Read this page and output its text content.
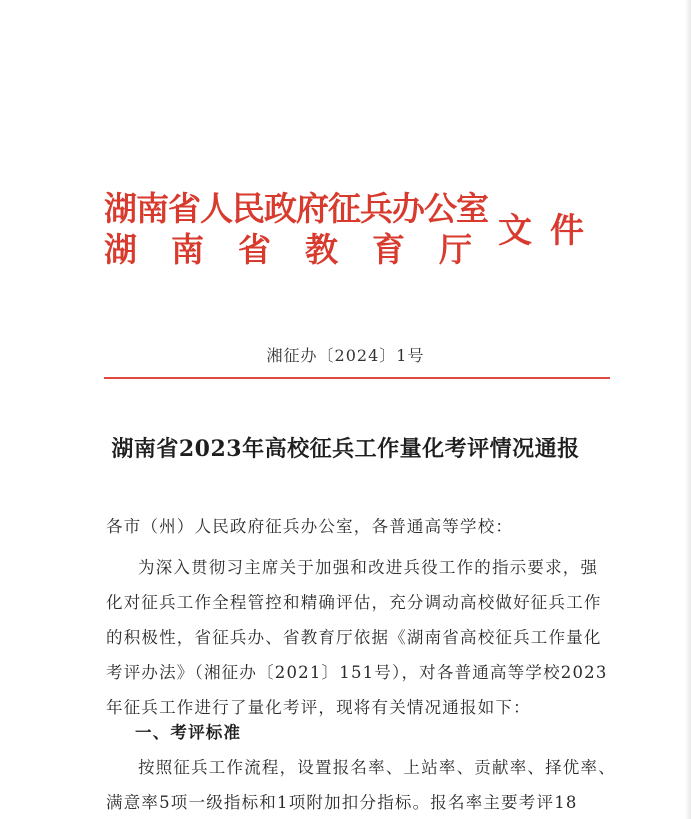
湖南省人民政府征兵办公室
湖南省教育厅
文件
湘征办〔2024〕1号
湖南省2023年高校征兵工作量化考评情况通报
各市（州）人民政府征兵办公室，各普通高等学校：
为深入贯彻习主席关于加强和改进兵役工作的指示要求，强
化对征兵工作全程管控和精确评估，充分调动高校做好征兵工作
的积极性，省征兵办、省教育厅依据《湖南省高校征兵工作量化
考评办法》（湘征办〔2021〕151号），对各普通高等学校2023
年征兵工作进行了量化考评，现将有关情况通报如下：
一、考评标准
按照征兵工作流程，设置报名率、上站率、贡献率、择优率、
满意率5项一级指标和1项附加扣分指标。报名率主要考评18
